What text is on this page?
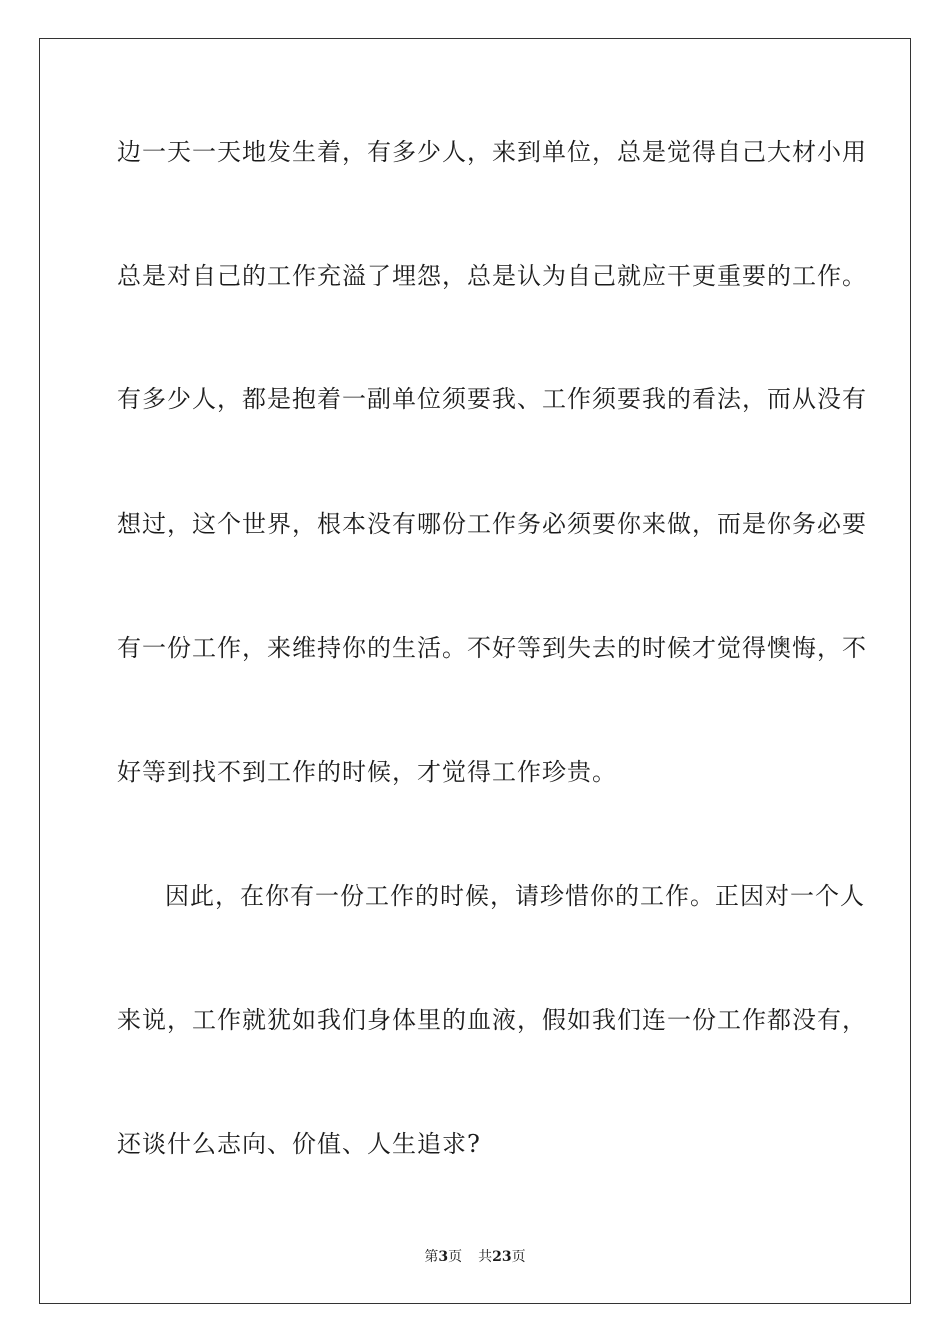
边一天一天地发生着，有多少人，来到单位，总是觉得自己大材小用
总是对自己的工作充溢了埋怨，总是认为自己就应干更重要的工作。
有多少人，都是抱着一副单位须要我、工作须要我的看法，而从没有
想过，这个世界，根本没有哪份工作务必须要你来做，而是你务必要
有一份工作，来维持你的生活。不好等到失去的时候才觉得懊悔，不
好等到找不到工作的时候，才觉得工作珍贵。
因此，在你有一份工作的时候，请珍惜你的工作。正因对一个人
来说，工作就犹如我们身体里的血液，假如我们连一份工作都没有，
还谈什么志向、价值、人生追求?
第3页 共23页
